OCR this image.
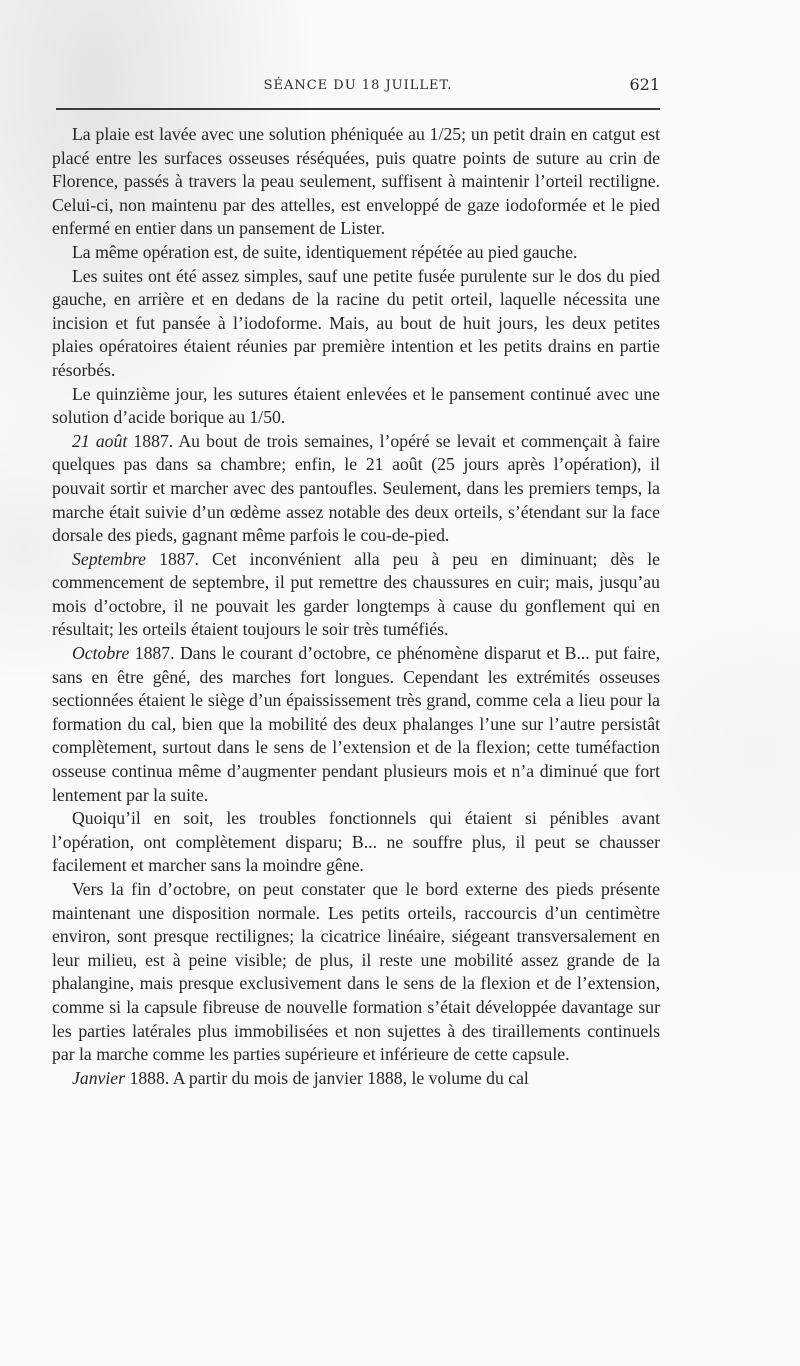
SÉANCE DU 18 JUILLET.	621

La plaie est lavée avec une solution phéniquée au 1/25; un petit drain en catgut est placé entre les surfaces osseuses réséquées, puis quatre points de suture au crin de Florence, passés à travers la peau seulement, suffisent à maintenir l’orteil rectiligne. Celui-ci, non maintenu par des attelles, est enveloppé de gaze iodoformée et le pied enfermé en entier dans un pansement de Lister.

La même opération est, de suite, identiquement répétée au pied gauche.

Les suites ont été assez simples, sauf une petite fusée purulente sur le dos du pied gauche, en arrière et en dedans de la racine du petit orteil, laquelle nécessita une incision et fut pansée à l’iodoforme. Mais, au bout de huit jours, les deux petites plaies opératoires étaient réunies par première intention et les petits drains en partie résorbés.

Le quinzième jour, les sutures étaient enlevées et le pansement continué avec une solution d’acide borique au 1/50.

21 août 1887. Au bout de trois semaines, l’opéré se levait et commençait à faire quelques pas dans sa chambre; enfin, le 21 août (25 jours après l’opération), il pouvait sortir et marcher avec des pantoufles. Seulement, dans les premiers temps, la marche était suivie d’un œdème assez notable des deux orteils, s’étendant sur la face dorsale des pieds, gagnant même parfois le cou-de-pied.

Septembre 1887. Cet inconvénient alla peu à peu en diminuant; dès le commencement de septembre, il put remettre des chaussures en cuir; mais, jusqu’au mois d’octobre, il ne pouvait les garder longtemps à cause du gonflement qui en résultait; les orteils étaient toujours le soir très tuméfiés.

Octobre 1887. Dans le courant d’octobre, ce phénomène disparut et B... put faire, sans en être gêné, des marches fort longues. Cependant les extrémités osseuses sectionnées étaient le siège d’un épaississement très grand, comme cela a lieu pour la formation du cal, bien que la mobilité des deux phalanges l’une sur l’autre persistât complètement, surtout dans le sens de l’extension et de la flexion; cette tuméfaction osseuse continua même d’augmenter pendant plusieurs mois et n’a diminué que fort lentement par la suite.

Quoiqu’il en soit, les troubles fonctionnels qui étaient si pénibles avant l’opération, ont complètement disparu; B... ne souffre plus, il peut se chausser facilement et marcher sans la moindre gêne.

Vers la fin d’octobre, on peut constater que le bord externe des pieds présente maintenant une disposition normale. Les petits orteils, raccourcis d’un centimètre environ, sont presque rectilignes; la cicatrice linéaire, siégeant transversalement en leur milieu, est à peine visible; de plus, il reste une mobilité assez grande de la phalangine, mais presque exclusivement dans le sens de la flexion et de l’extension, comme si la capsule fibreuse de nouvelle formation s’était développée davantage sur les parties latérales plus immobilisées et non sujettes à des tiraillements continuels par la marche comme les parties supérieure et inférieure de cette capsule.

Janvier 1888. A partir du mois de janvier 1888, le volume du cal
